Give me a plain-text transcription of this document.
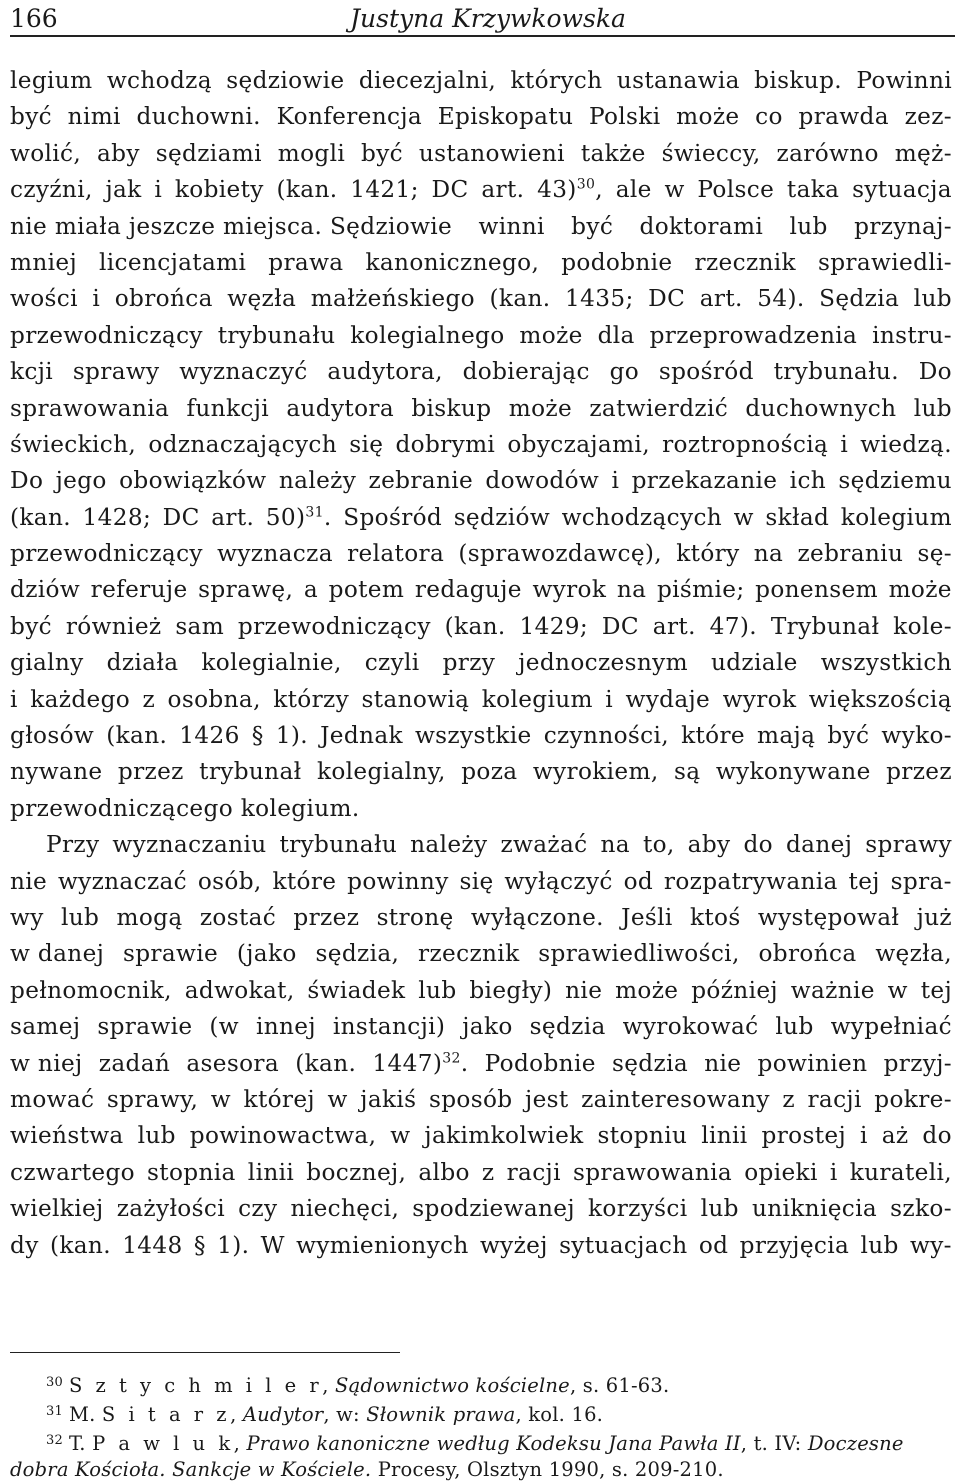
166	Justyna Krzywkowska
legium wchodzą sędziowie diecezjalni, których ustanawia biskup. Powinni
być nimi duchowni. Konferencja Episkopatu Polski może co prawda zez-
wolić, aby sędziami mogli być ustanowieni także świeccy, zarówno męż-
czyźni, jak i kobiety (kan. 1421; DC art. 43)$^{30}$, ale w Polsce taka sytuacja
nie miała jeszcze miejsca. Sędziowie winni być doktorami lub przynaj-
mniej licencjatami prawa kanonicznego, podobnie rzecznik sprawiedli-
wości i obrońca węzła małżeńskiego (kan. 1435; DC art. 54). Sędzia lub
przewodniczący trybunału kolegialnego może dla przeprowadzenia instru-
kcji sprawy wyznaczyć audytora, dobierając go spośród trybunału. Do
sprawowania funkcji audytora biskup może zatwierdzić duchownych lub
świeckich, odznaczających się dobrymi obyczajami, roztropnością i wiedzą.
Do jego obowiązków należy zebranie dowodów i przekazanie ich sędziemu
(kan. 1428; DC art. 50)$^{31}$. Spośród sędziów wchodzących w skład kolegium
przewodniczący wyznacza relatora (sprawozdawcę), który na zebraniu sę-
dziów referuje sprawę, a potem redaguje wyrok na piśmie; ponensem może
być również sam przewodniczący (kan. 1429; DC art. 47). Trybunał kole-
gialny działa kolegialnie, czyli przy jednoczesnym udziale wszystkich
i każdego z osobna, którzy stanowią kolegium i wydaje wyrok większością
głosów (kan. 1426 § 1). Jednak wszystkie czynności, które mają być wyko-
nywane przez trybunał kolegialny, poza wyrokiem, są wykonywane przez
przewodniczącego kolegium.
Przy wyznaczaniu trybunału należy zważać na to, aby do danej sprawy
nie wyznaczać osób, które powinny się wyłączyć od rozpatrywania tej spra-
wy lub mogą zostać przez stronę wyłączone. Jeśli ktoś występował już
w danej sprawie (jako sędzia, rzecznik sprawiedliwości, obrońca węzła,
pełnomocnik, adwokat, świadek lub biegły) nie może później ważnie w tej
samej sprawie (w innej instancji) jako sędzia wyrokować lub wypełniać
w niej zadań asesora (kan. 1447)$^{32}$. Podobnie sędzia nie powinien przyj-
mować sprawy, w której w jakiś sposób jest zainteresowany z racji pokre-
wieństwa lub powinowactwa, w jakimkolwiek stopniu linii prostej i aż do
czwartego stopnia linii bocznej, albo z racji sprawowania opieki i kurateli,
wielkiej zażyłości czy niechęci, spodziewanej korzyści lub uniknięcia szko-
dy (kan. 1448 § 1). W wymienionych wyżej sytuacjach od przyjęcia lub wy-
$^{30}$ S z t y c h m i l e r, Sądownictwo kościelne, s. 61-63.
$^{31}$ M. S i t a r z, Audytor, w: Słownik prawa, kol. 16.
$^{32}$ T. P a w l u k, Prawo kanoniczne według Kodeksu Jana Pawła II, t. IV: Doczesne
dobra Kościoła. Sankcje w Kościele. Procesy, Olsztyn 1990, s. 209-210.
